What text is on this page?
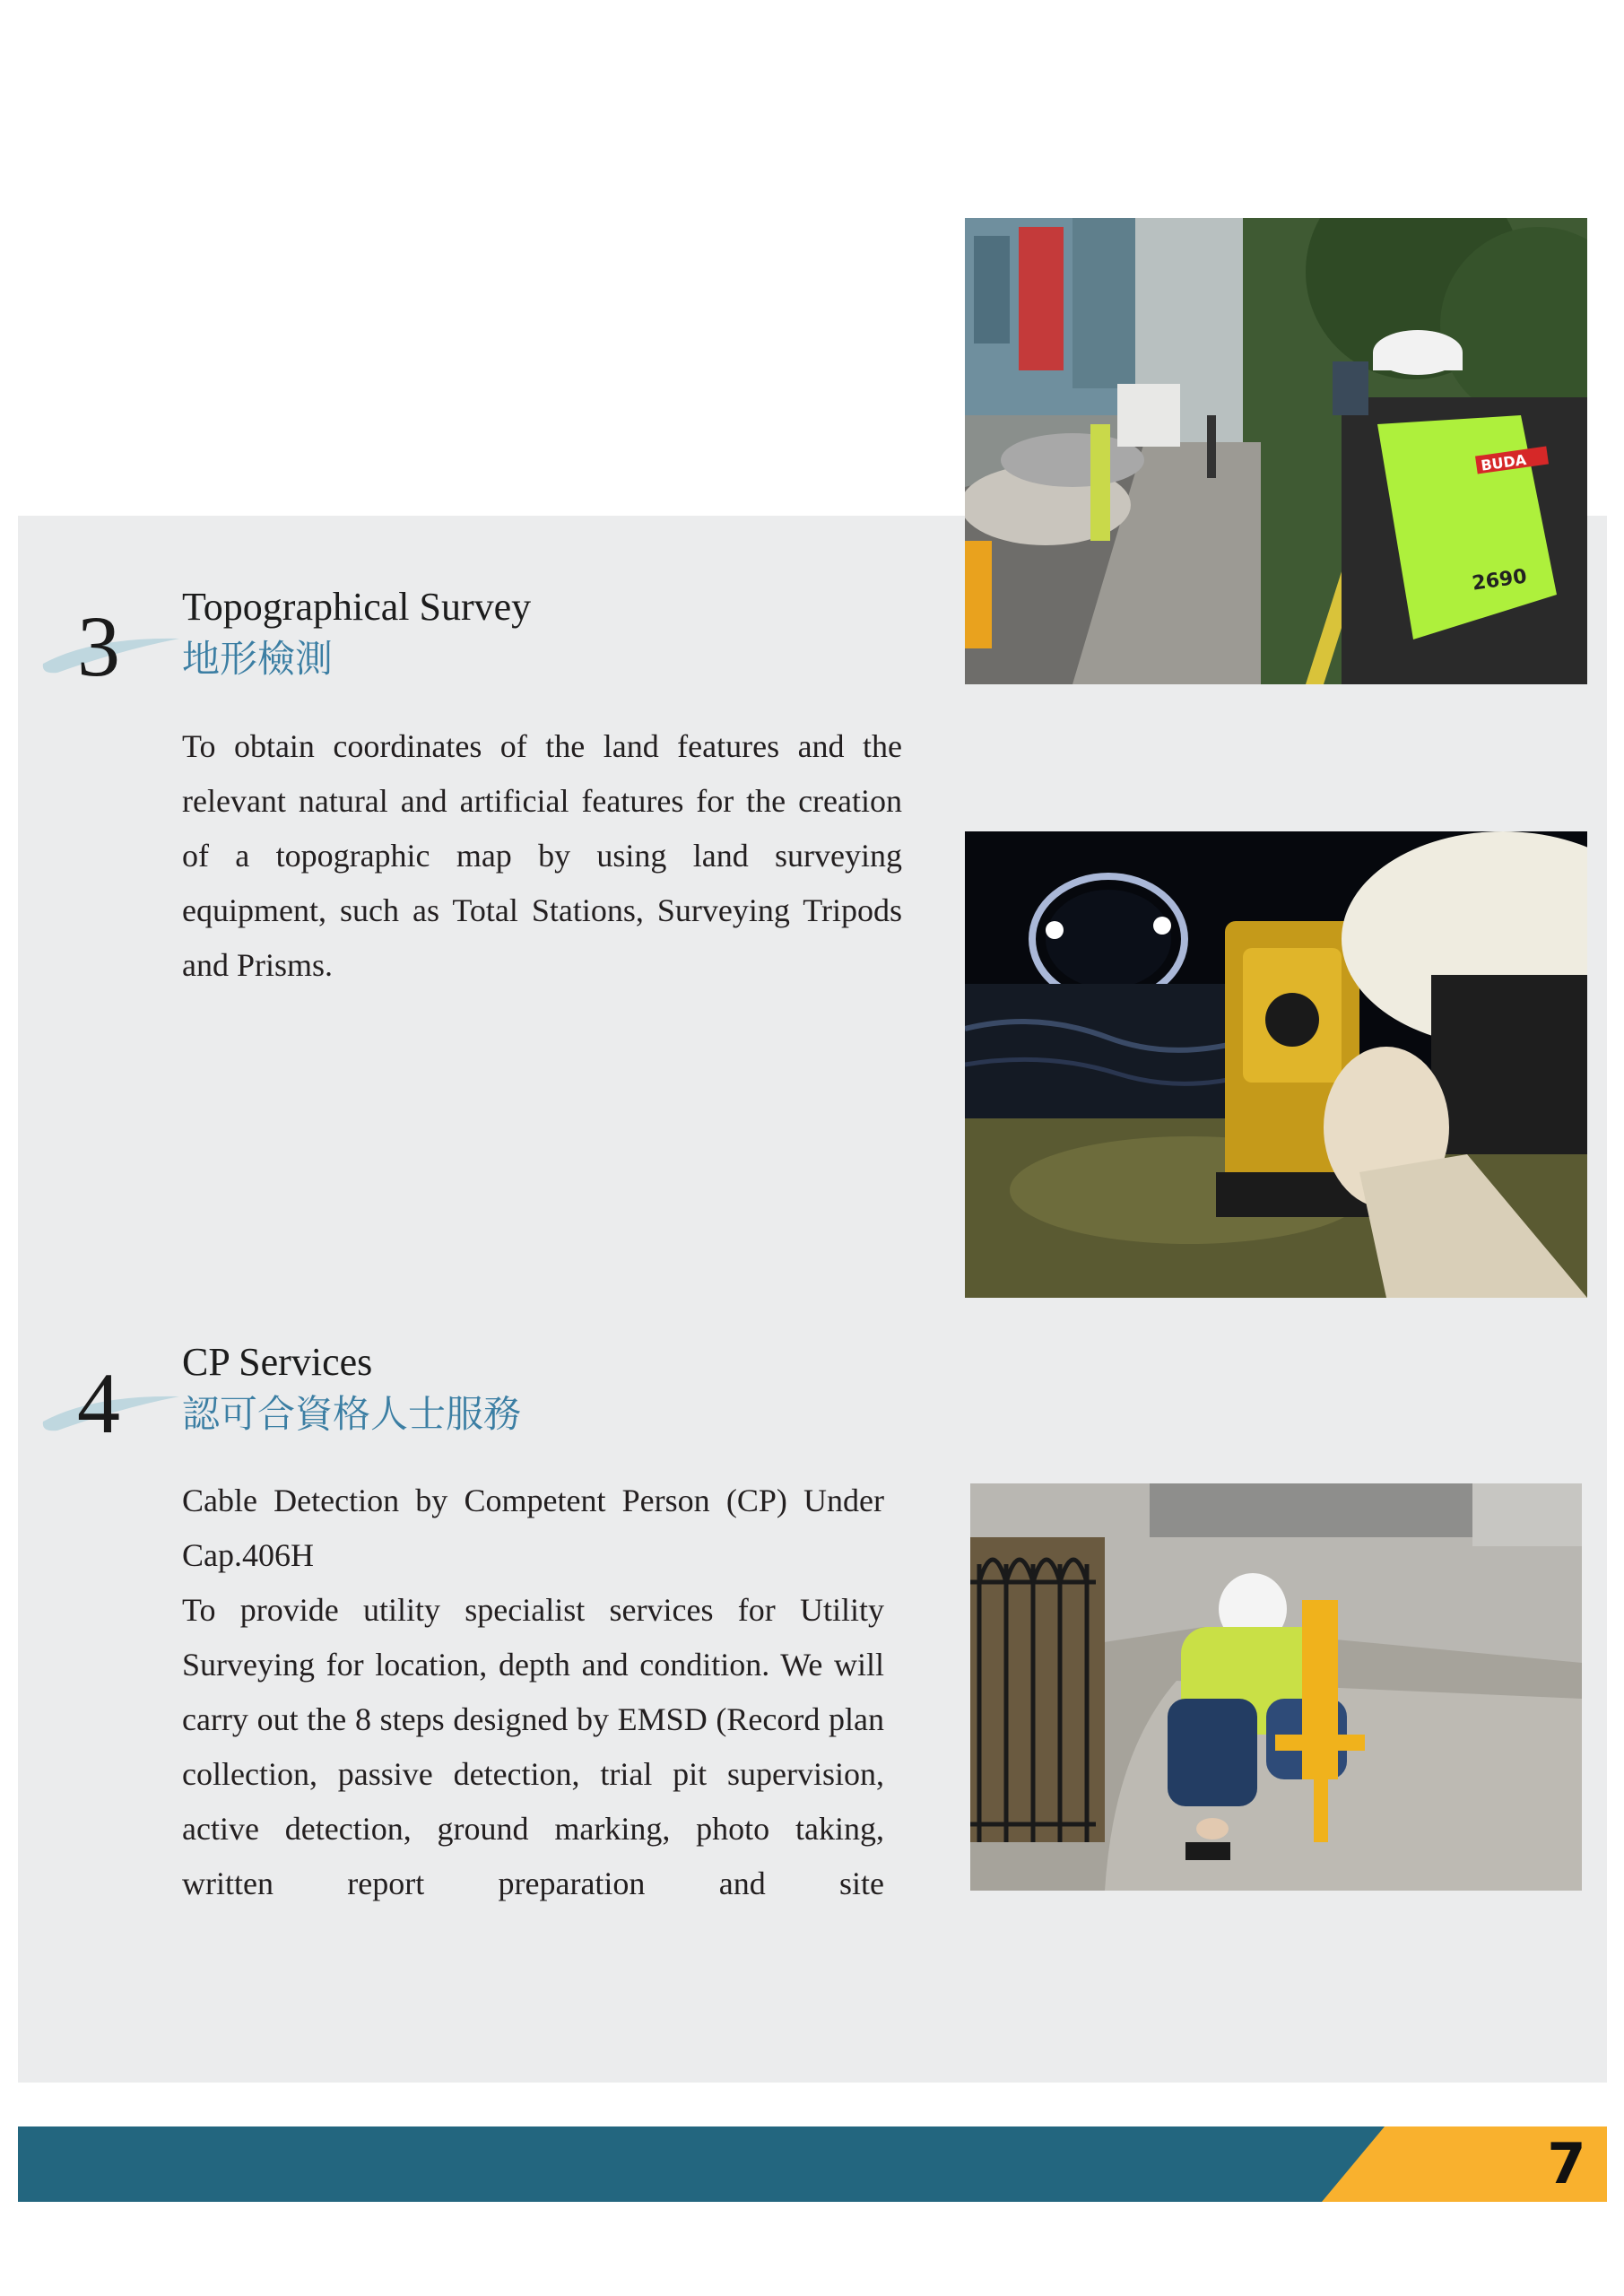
BUDA
2690
3 Topographical Survey
地形檢測

To obtain coordinates of the land features and the relevant natural and artificial features for the creation of a topographic map by using land surveying equipment, such as Total Stations, Surveying Tripods and Prisms.

4 CP Services
認可合資格人士服務

Cable Detection by Competent Person (CP) Under Cap.406H

To provide utility specialist services for Utility Surveying for location, depth and condition. We will carry out the 8 steps designed by EMSD (Record plan collection, passive detection, trial pit supervision, active detection, ground marking, photo taking, written report preparation and site

7
